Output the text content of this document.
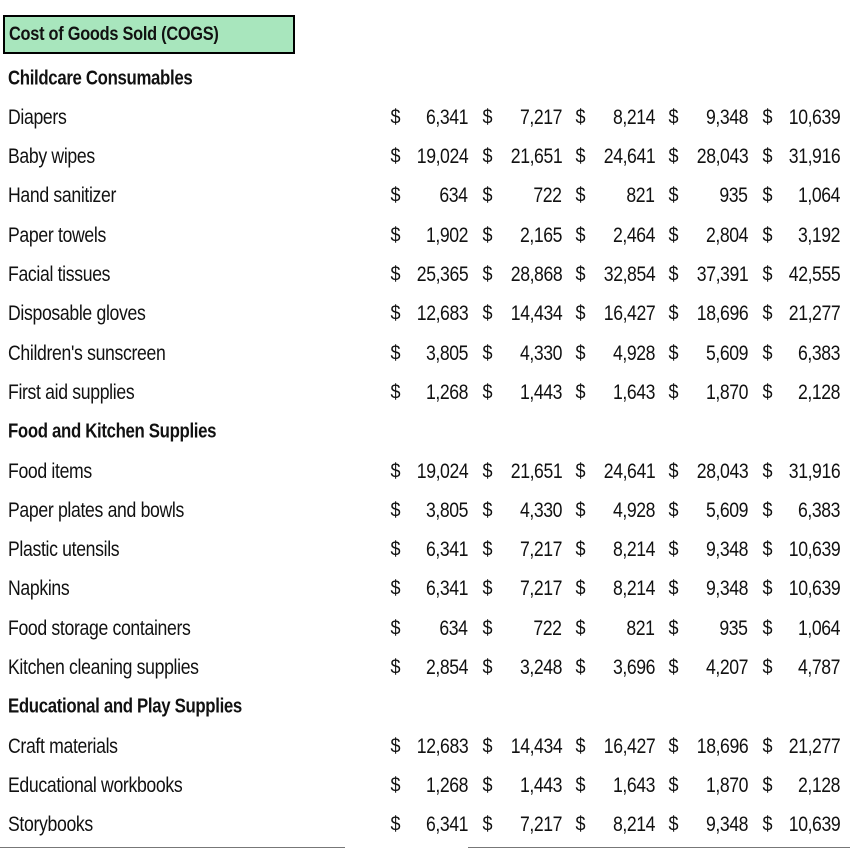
Cost of Goods Sold (COGS)
Childcare Consumables
Diapers	$ 6,341 $ 7,217 $ 8,214 $ 9,348 $ 10,639
Baby wipes	$ 19,024 $ 21,651 $ 24,641 $ 28,043 $ 31,916
Hand sanitizer	$ 634 $ 722 $ 821 $ 935 $ 1,064
Paper towels	$ 1,902 $ 2,165 $ 2,464 $ 2,804 $ 3,192
Facial tissues	$ 25,365 $ 28,868 $ 32,854 $ 37,391 $ 42,555
Disposable gloves	$ 12,683 $ 14,434 $ 16,427 $ 18,696 $ 21,277
Children's sunscreen	$ 3,805 $ 4,330 $ 4,928 $ 5,609 $ 6,383
First aid supplies	$ 1,268 $ 1,443 $ 1,643 $ 1,870 $ 2,128
Food and Kitchen Supplies
Food items	$ 19,024 $ 21,651 $ 24,641 $ 28,043 $ 31,916
Paper plates and bowls	$ 3,805 $ 4,330 $ 4,928 $ 5,609 $ 6,383
Plastic utensils	$ 6,341 $ 7,217 $ 8,214 $ 9,348 $ 10,639
Napkins	$ 6,341 $ 7,217 $ 8,214 $ 9,348 $ 10,639
Food storage containers	$ 634 $ 722 $ 821 $ 935 $ 1,064
Kitchen cleaning supplies	$ 2,854 $ 3,248 $ 3,696 $ 4,207 $ 4,787
Educational and Play Supplies
Craft materials	$ 12,683 $ 14,434 $ 16,427 $ 18,696 $ 21,277
Educational workbooks	$ 1,268 $ 1,443 $ 1,643 $ 1,870 $ 2,128
Storybooks	$ 6,341 $ 7,217 $ 8,214 $ 9,348 $ 10,639
